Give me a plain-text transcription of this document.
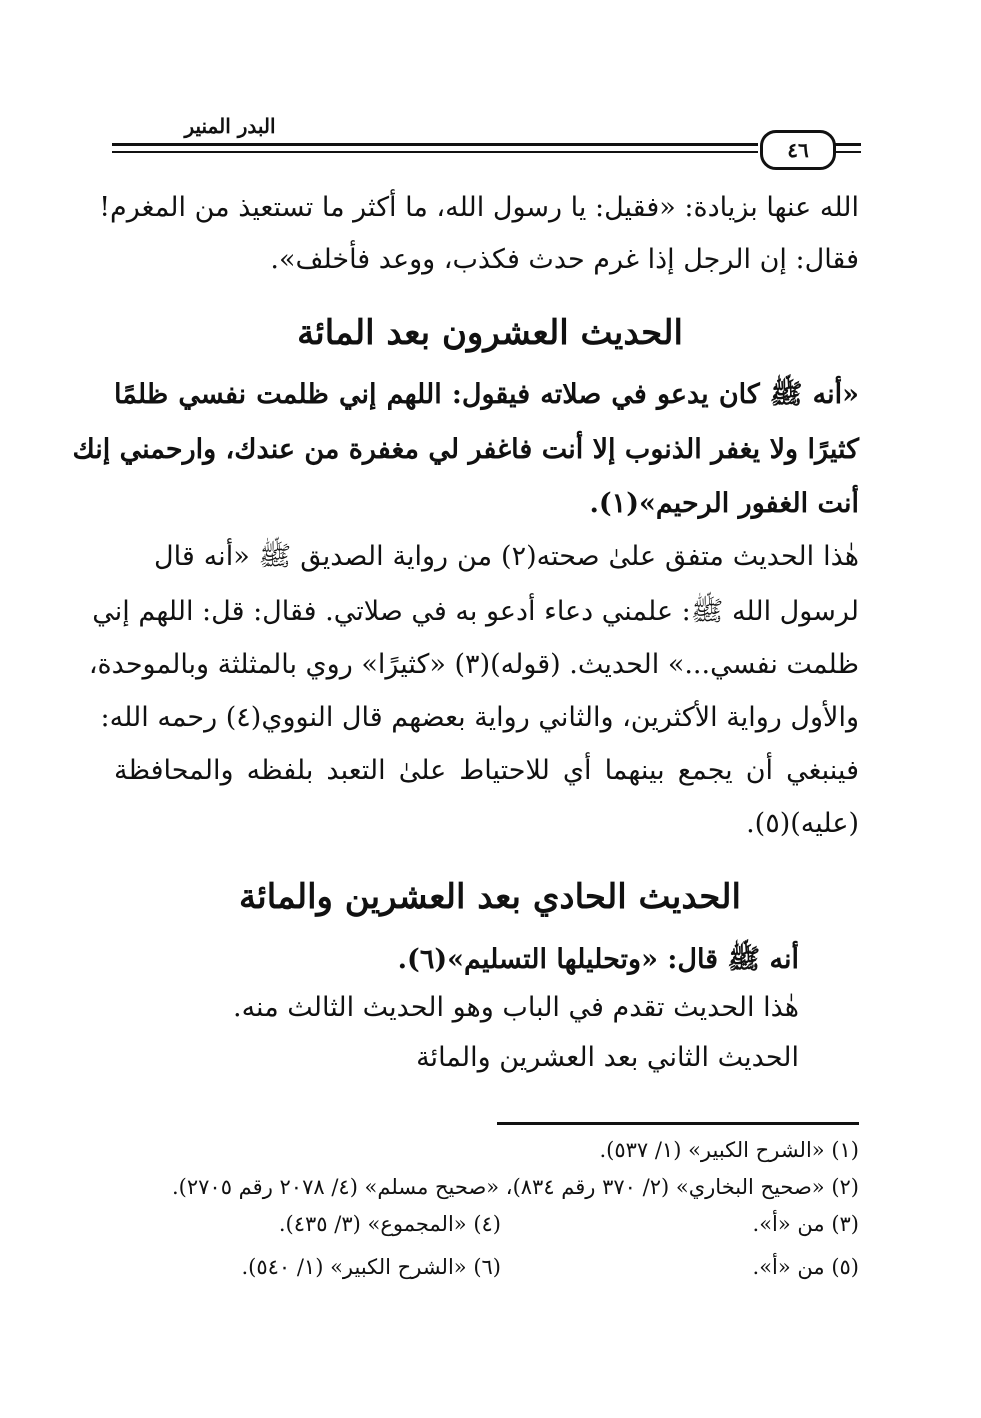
البدر المنير
٤٦
الله عنها بزيادة: «فقيل: يا رسول الله، ما أكثر ما تستعيذ من المغرم!
فقال: إن الرجل إذا غرم حدث فكذب، ووعد فأخلف».
الحديث العشرون بعد المائة
«أنه ﷺ كان يدعو في صلاته فيقول: اللهم إني ظلمت نفسي ظلمًا
كثيرًا ولا يغفر الذنوب إلا أنت فاغفر لي مغفرة من عندك، وارحمني إنك
أنت الغفور الرحيم»(١).
هٰذا الحديث متفق علىٰ صحته(٢) من رواية الصديق ﷺ «أنه قال
لرسول الله ﷺ: علمني دعاء أدعو به في صلاتي. فقال: قل: اللهم إني
ظلمت نفسي...» الحديث. (قوله)(٣) «كثيرًا» روي بالمثلثة وبالموحدة،
والأول رواية الأكثرين، والثاني رواية بعضهم قال النووي(٤) رحمه الله:
فينبغي أن يجمع بينهما أي للاحتياط علىٰ التعبد بلفظه والمحافظة
(عليه)(٥).
الحديث الحادي بعد العشرين والمائة
أنه ﷺ قال: «وتحليلها التسليم»(٦).
هٰذا الحديث تقدم في الباب وهو الحديث الثالث منه.
الحديث الثاني بعد العشرين والمائة
(١) «الشرح الكبير» (١/ ٥٣٧).
(٢) «صحيح البخاري» (٢/ ٣٧٠ رقم ٨٣٤)، «صحيح مسلم» (٤/ ٢٠٧٨ رقم ٢٧٠٥).
(٣) من «أ».
(٤) «المجموع» (٣/ ٤٣٥).
(٥) من «أ».
(٦) «الشرح الكبير» (١/ ٥٤٠).
